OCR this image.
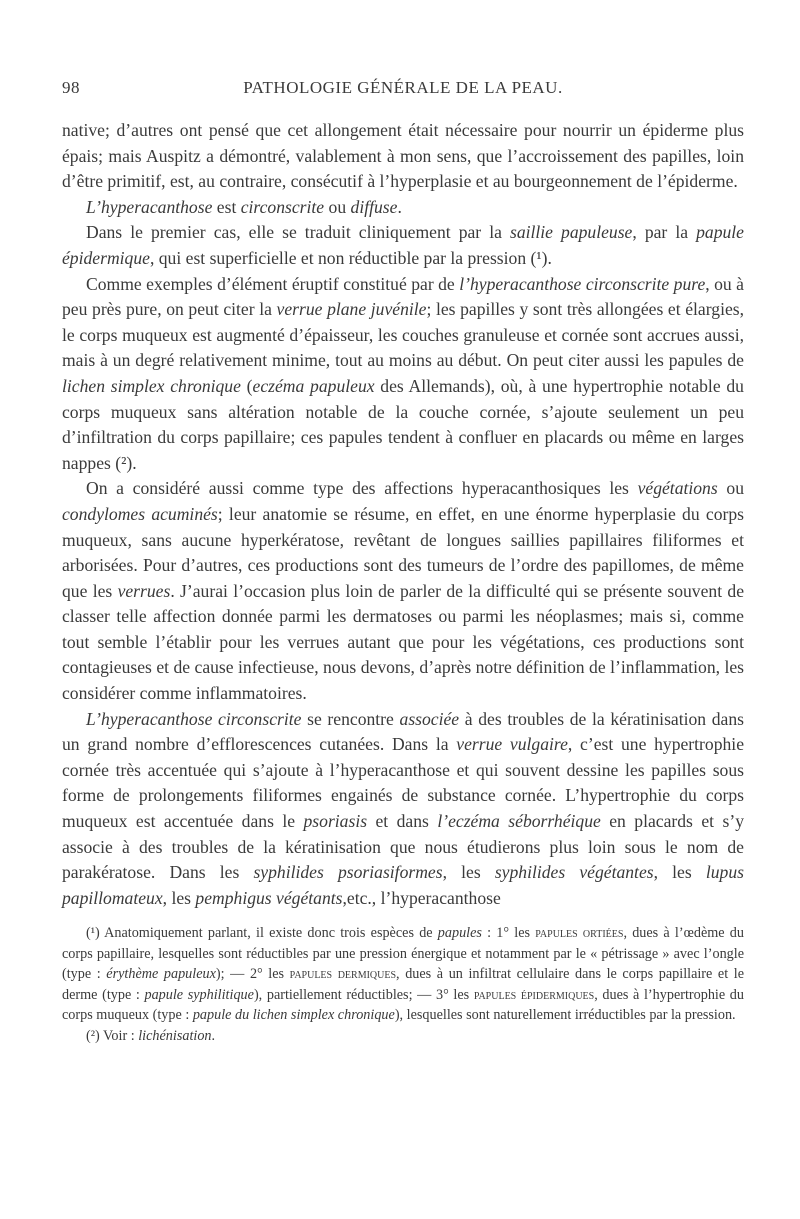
98	PATHOLOGIE GÉNÉRALE DE LA PEAU.

native; d’autres ont pensé que cet allongement était nécessaire pour nourrir un épiderme plus épais; mais Auspitz a démontré, valablement à mon sens, que l’accroissement des papilles, loin d’être primitif, est, au contraire, consécutif à l’hyperplasie et au bourgeonnement de l’épiderme.

L’hyperacanthose est circonscrite ou diffuse.

Dans le premier cas, elle se traduit cliniquement par la saillie papuleuse, par la papule épidermique, qui est superficielle et non réductible par la pression (¹).

Comme exemples d’élément éruptif constitué par de l’hyperacanthose circonscrite pure, ou à peu près pure, on peut citer la verrue plane juvénile; les papilles y sont très allongées et élargies, le corps muqueux est augmenté d’épaisseur, les couches granuleuse et cornée sont accrues aussi, mais à un degré relativement minime, tout au moins au début. On peut citer aussi les papules de lichen simplex chronique (eczéma papuleux des Allemands), où, à une hypertrophie notable du corps muqueux sans altération notable de la couche cornée, s’ajoute seulement un peu d’infiltration du corps papillaire; ces papules tendent à confluer en placards ou même en larges nappes (²).

On a considéré aussi comme type des affections hyperacanthosiques les végétations ou condylomes acuminés; leur anatomie se résume, en effet, en une énorme hyperplasie du corps muqueux, sans aucune hyperkératose, revêtant de longues saillies papillaires filiformes et arborisées. Pour d’autres, ces productions sont des tumeurs de l’ordre des papillomes, de même que les verrues. J’aurai l’occasion plus loin de parler de la difficulté qui se présente souvent de classer telle affection donnée parmi les dermatoses ou parmi les néoplasmes; mais si, comme tout semble l’établir pour les verrues autant que pour les végétations, ces productions sont contagieuses et de cause infectieuse, nous devons, d’après notre définition de l’inflammation, les considérer comme inflammatoires.

L’hyperacanthose circonscrite se rencontre associée à des troubles de la kératinisation dans un grand nombre d’efflorescences cutanées. Dans la verrue vulgaire, c’est une hypertrophie cornée très accentuée qui s’ajoute à l’hyperacanthose et qui souvent dessine les papilles sous forme de prolongements filiformes engainés de substance cornée. L’hypertrophie du corps muqueux est accentuée dans le psoriasis et dans l’eczéma séborrhéique en placards et s’y associe à des troubles de la kératinisation que nous étudierons plus loin sous le nom de parakératose. Dans les syphilides psoriasiformes, les syphilides végétantes, les lupus papillomateux, les pemphigus végétants,etc., l’hyperacanthose

(¹) Anatomiquement parlant, il existe donc trois espèces de papules : 1° les papules ortiées, dues à l’œdème du corps papillaire, lesquelles sont réductibles par une pression énergique et notamment par le « pétrissage » avec l’ongle (type : érythème papuleux); — 2° les papules dermiques, dues à un infiltrat cellulaire dans le corps papillaire et le derme (type : papule syphilitique), partiellement réductibles; — 3° les papules épidermiques, dues à l’hypertrophie du corps muqueux (type : papule du lichen simplex chronique), lesquelles sont naturellement irréductibles par la pression.

(²) Voir : lichénisation.
